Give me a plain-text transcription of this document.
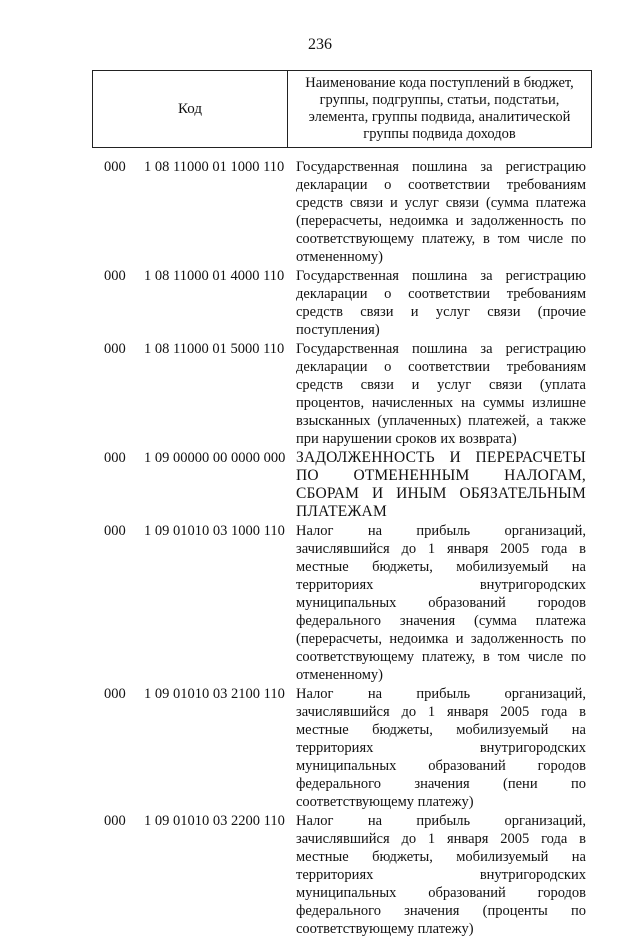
236
Код
Наименование кода поступлений в бюджет, группы, подгруппы, статьи, подстатьи, элемента, группы подвида, аналитической группы подвида доходов
000	1 08 11000 01 1000 110 Государственная пошлина за регистрацию декларации о соответствии требованиям средств связи и услуг связи (сумма платежа (перерасчеты, недоимка и задолженность по соответствующему платежу, в том числе по отмененному)
000	1 08 11000 01 4000 110 Государственная пошлина за регистрацию декларации о соответствии требованиям средств связи и услуг связи (прочие поступления)
000	1 08 11000 01 5000 110 Государственная пошлина за регистрацию декларации о соответствии требованиям средств связи и услуг связи (уплата процентов, начисленных на суммы излишне взысканных (уплаченных) платежей, а также при нарушении сроков их возврата)
000	1 09 00000 00 0000 000 ЗАДОЛЖЕННОСТЬ И ПЕРЕРАСЧЕТЫ ПО ОТМЕНЕННЫМ НАЛОГАМ, СБОРАМ И ИНЫМ ОБЯЗАТЕЛЬНЫМ ПЛАТЕЖАМ
000	1 09 01010 03 1000 110 Налог на прибыль организаций, зачислявшийся до 1 января 2005 года в местные бюджеты, мобилизуемый на территориях внутригородских муниципальных образований городов федерального значения (сумма платежа (перерасчеты, недоимка и задолженность по соответствующему платежу, в том числе по отмененному)
000	1 09 01010 03 2100 110 Налог на прибыль организаций, зачислявшийся до 1 января 2005 года в местные бюджеты, мобилизуемый на территориях внутригородских муниципальных образований городов федерального значения (пени по соответствующему платежу)
000	1 09 01010 03 2200 110 Налог на прибыль организаций, зачислявшийся до 1 января 2005 года в местные бюджеты, мобилизуемый на территориях внутригородских муниципальных образований городов федерального значения (проценты по соответствующему платежу)
